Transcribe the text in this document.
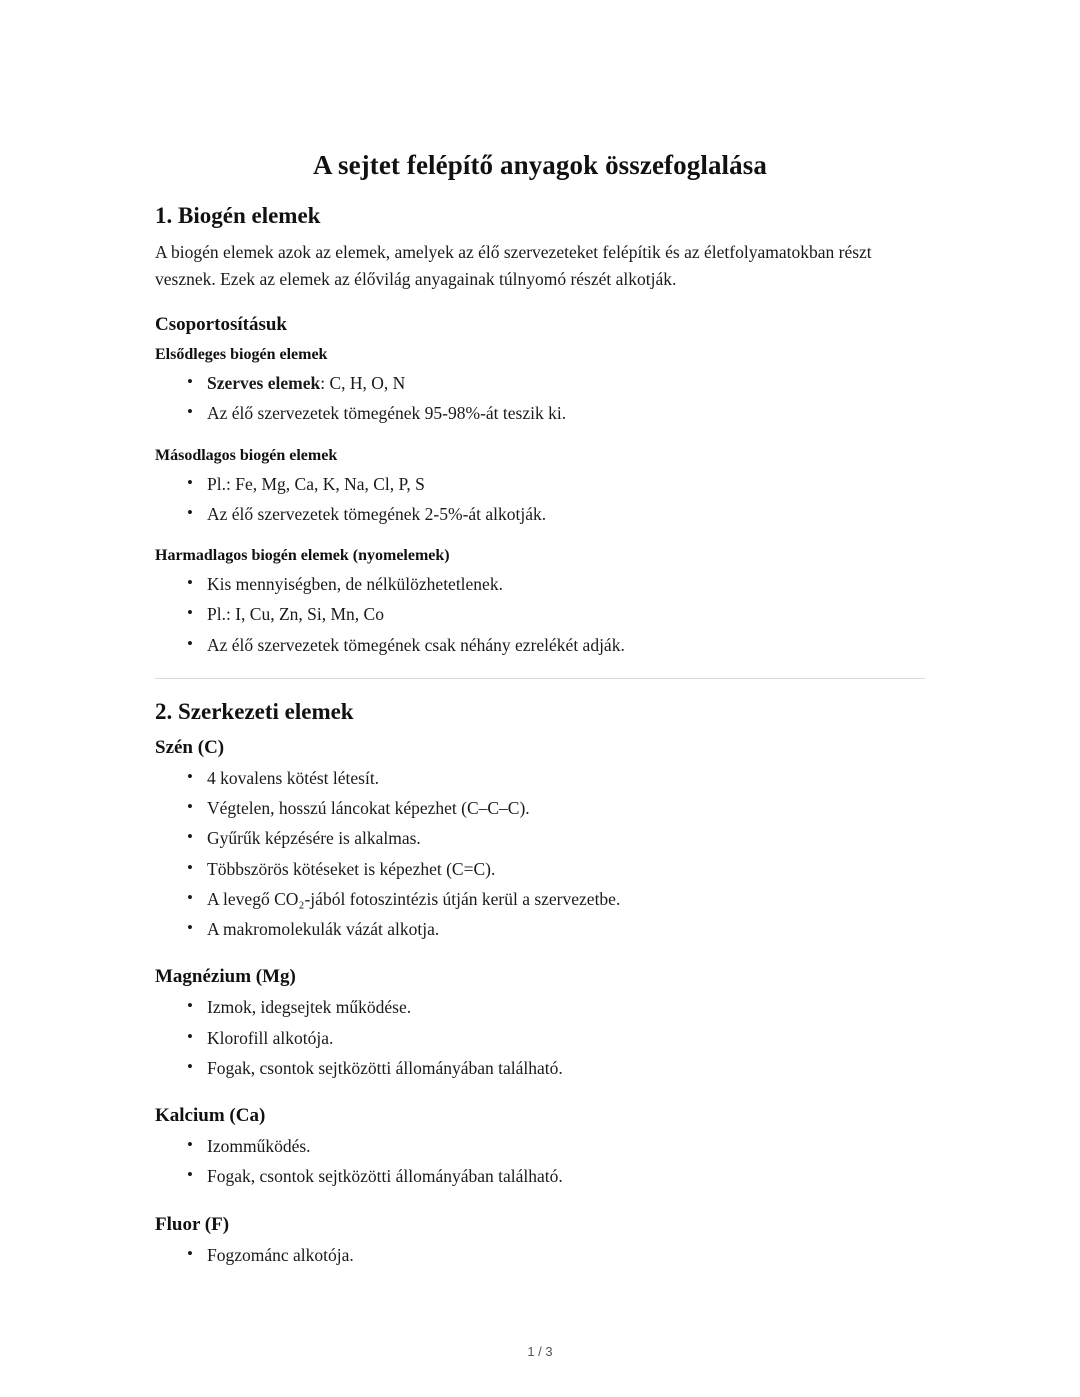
A sejtet felépítő anyagok összefoglalása
1. Biogén elemek

A biogén elemek azok az elemek, amelyek az élő szervezeteket felépítik és az életfolyamatokban részt vesznek. Ezek az elemek az élővilág anyagainak túlnyomó részét alkotják.

Csoportosításuk
Elsődleges biogén elemek
• Szerves elemek: C, H, O, N
• Az élő szervezetek tömegének 95-98%-át teszik ki.
Másodlagos biogén elemek
• Pl.: Fe, Mg, Ca, K, Na, Cl, P, S
• Az élő szervezetek tömegének 2-5%-át alkotják.
Harmadlagos biogén elemek (nyomelemek)
• Kis mennyiségben, de nélkülözhetetlenek.
• Pl.: I, Cu, Zn, Si, Mn, Co
• Az élő szervezetek tömegének csak néhány ezrelékét adják.
2. Szerkezeti elemek
Szén (C)
• 4 kovalens kötést létesít.
• Végtelen, hosszú láncokat képezhet (C–C–C).
• Gyűrűk képzésére is alkalmas.
• Többszörös kötéseket is képezhet (C=C).
• A levegő CO₂-jából fotoszintézis útján kerül a szervezetbe.
• A makromolekulák vázát alkotja.
Magnézium (Mg)
• Izmok, idegsejtek működése.
• Klorofill alkotója.
• Fogak, csontok sejtközötti állományában található.
Kalcium (Ca)
• Izomműködés.
• Fogak, csontok sejtközötti állományában található.
Fluor (F)
• Fogzománc alkotója.
1 / 3
